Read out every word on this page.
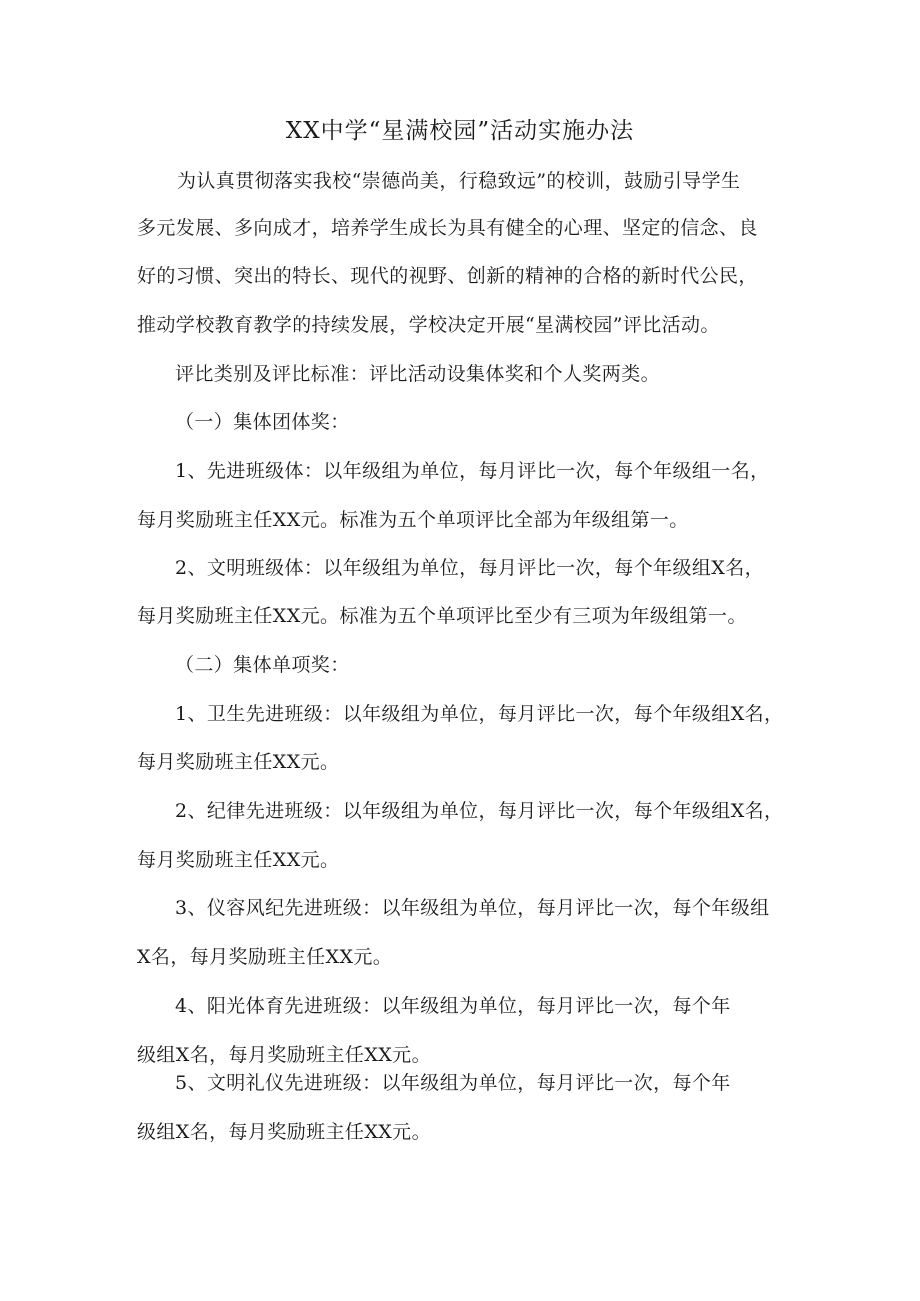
XX中学“星满校园”活动实施办法
为认真贯彻落实我校“崇德尚美，行稳致远”的校训，鼓励引导学生
多元发展、多向成才，培养学生成长为具有健全的心理、坚定的信念、良
好的习惯、突出的特长、现代的视野、创新的精神的合格的新时代公民，
推动学校教育教学的持续发展，学校决定开展“星满校园”评比活动。
评比类别及评比标准：评比活动设集体奖和个人奖两类。
（一）集体团体奖：
1、先进班级体：以年级组为单位，每月评比一次，每个年级组一名，
每月奖励班主任XX元。标准为五个单项评比全部为年级组第一。
2、文明班级体：以年级组为单位，每月评比一次，每个年级组X名，
每月奖励班主任XX元。标准为五个单项评比至少有三项为年级组第一。
（二）集体单项奖：
1、卫生先进班级：以年级组为单位，每月评比一次，每个年级组X名，
每月奖励班主任XX元。
2、纪律先进班级：以年级组为单位，每月评比一次，每个年级组X名，
每月奖励班主任XX元。
3、仪容风纪先进班级：以年级组为单位，每月评比一次，每个年级组
X名，每月奖励班主任XX元。
4、阳光体育先进班级：以年级组为单位，每月评比一次，每个年
级组X名，每月奖励班主任XX元。
5、文明礼仪先进班级：以年级组为单位，每月评比一次，每个年
级组X名，每月奖励班主任XX元。
